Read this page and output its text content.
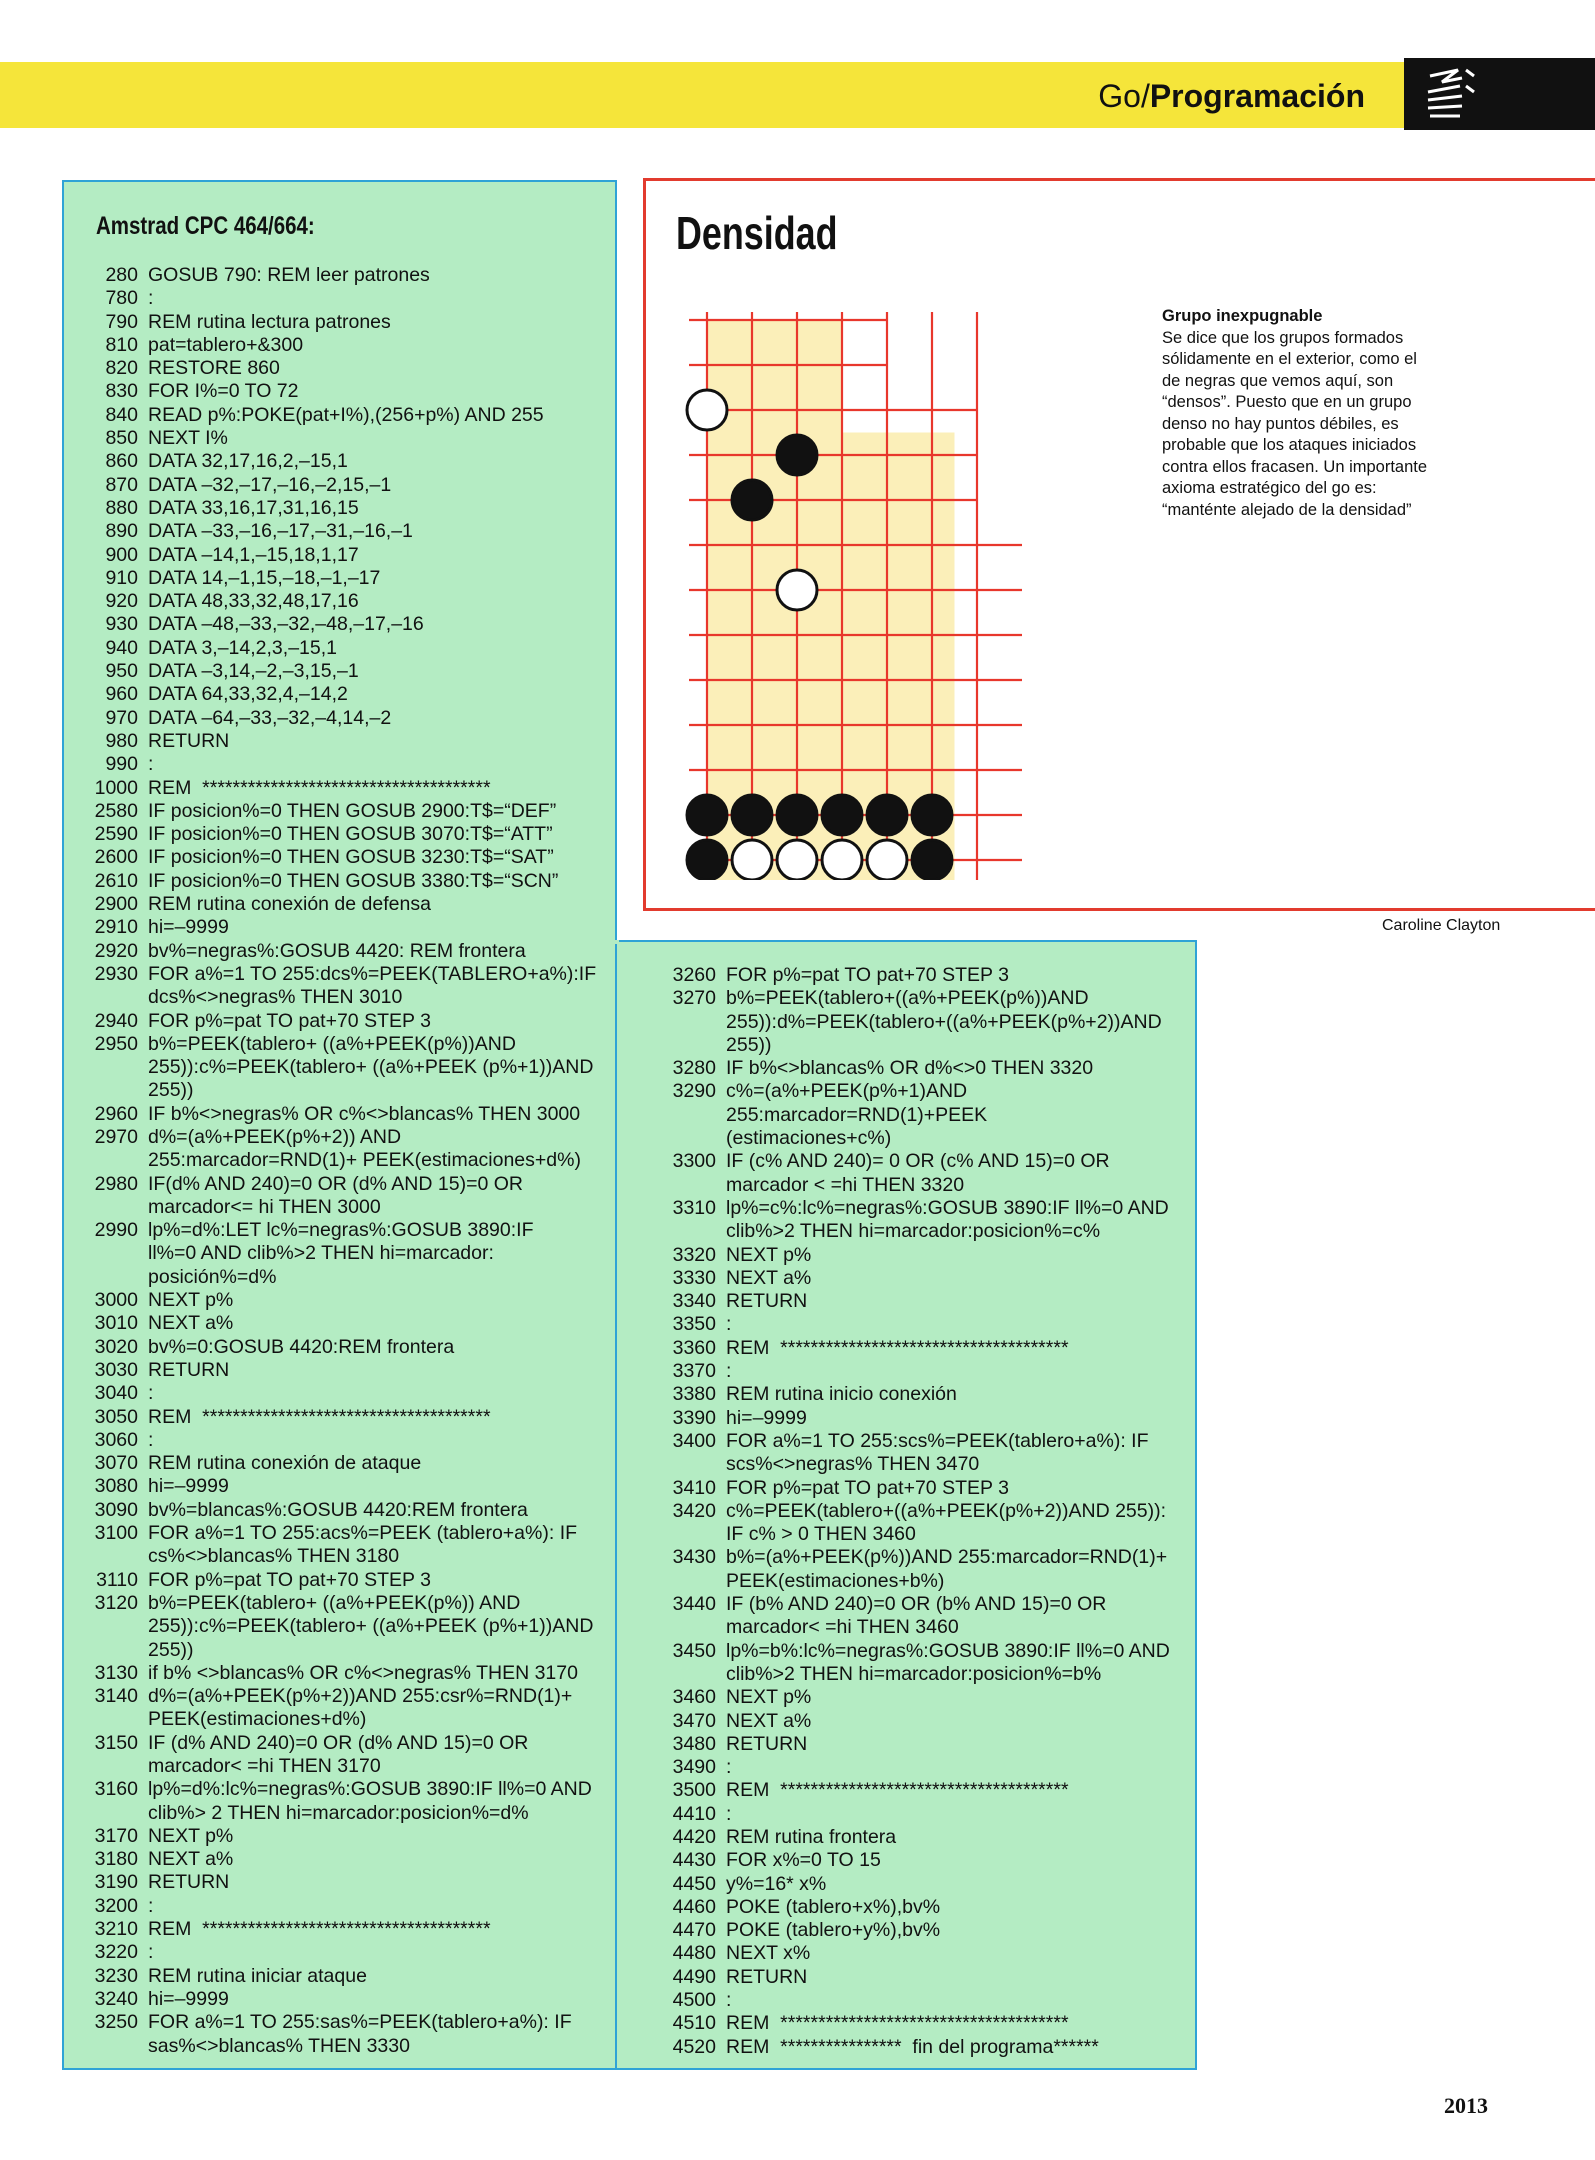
Go/Programación
Amstrad CPC 464/664:
280 GOSUB 790: REM leer patrones
780 :
790 REM rutina lectura patrones
810 pat=tablero+&300
820 RESTORE 860
830 FOR I%=0 TO 72
840 READ p%:POKE(pat+I%),(256+p%) AND 255
850 NEXT I%
860 DATA 32,17,16,2,–15,1
870 DATA –32,–17,–16,–2,15,–1
880 DATA 33,16,17,31,16,15
890 DATA –33,–16,–17,–31,–16,–1
900 DATA –14,1,–15,18,1,17
910 DATA 14,–1,15,–18,–1,–17
920 DATA 48,33,32,48,17,16
930 DATA –48,–33,–32,–48,–17,–16
940 DATA 3,–14,2,3,–15,1
950 DATA –3,14,–2,–3,15,–1
960 DATA 64,33,32,4,–14,2
970 DATA –64,–33,–32,–4,14,–2
980 RETURN
990 :
1000 REM  **************************************
2580 IF posicion%=0 THEN GOSUB 2900:T$=“DEF”
2590 IF posicion%=0 THEN GOSUB 3070:T$=“ATT”
2600 IF posicion%=0 THEN GOSUB 3230:T$=“SAT”
2610 IF posicion%=0 THEN GOSUB 3380:T$=“SCN”
2900 REM rutina conexión de defensa
2910 hi=–9999
2920 bv%=negras%:GOSUB 4420: REM frontera
2930 FOR a%=1 TO 255:dcs%=PEEK(TABLERO+a%):IF
dcs%<>negras% THEN 3010
2940 FOR p%=pat TO pat+70 STEP 3
2950 b%=PEEK(tablero+ ((a%+PEEK(p%))AND
255)):c%=PEEK(tablero+ ((a%+PEEK (p%+1))AND
255))
2960 IF b%<>negras% OR c%<>blancas% THEN 3000
2970 d%=(a%+PEEK(p%+2)) AND
255:marcador=RND(1)+ PEEK(estimaciones+d%)
2980 IF(d% AND 240)=0 OR (d% AND 15)=0 OR
marcador<= hi THEN 3000
2990 lp%=d%:LET lc%=negras%:GOSUB 3890:IF
ll%=0 AND clib%>2 THEN hi=marcador:
posición%=d%
3000 NEXT p%
3010 NEXT a%
3020 bv%=0:GOSUB 4420:REM frontera
3030 RETURN
3040 :
3050 REM  **************************************
3060 :
3070 REM rutina conexión de ataque
3080 hi=–9999
3090 bv%=blancas%:GOSUB 4420:REM frontera
3100 FOR a%=1 TO 255:acs%=PEEK (tablero+a%): IF
cs%<>blancas% THEN 3180
3110 FOR p%=pat TO pat+70 STEP 3
3120 b%=PEEK(tablero+ ((a%+PEEK(p%)) AND
255)):c%=PEEK(tablero+ ((a%+PEEK (p%+1))AND
255))
3130 if b% <>blancas% OR c%<>negras% THEN 3170
3140 d%=(a%+PEEK(p%+2))AND 255:csr%=RND(1)+
PEEK(estimaciones+d%)
3150 IF (d% AND 240)=0 OR (d% AND 15)=0 OR
marcador< =hi THEN 3170
3160 lp%=d%:lc%=negras%:GOSUB 3890:IF ll%=0 AND
clib%> 2 THEN hi=marcador:posicion%=d%
3170 NEXT p%
3180 NEXT a%
3190 RETURN
3200 :
3210 REM  **************************************
3220 :
3230 REM rutina iniciar ataque
3240 hi=–9999
3250 FOR a%=1 TO 255:sas%=PEEK(tablero+a%): IF
sas%<>blancas% THEN 3330
3260 FOR p%=pat TO pat+70 STEP 3
3270 b%=PEEK(tablero+((a%+PEEK(p%))AND
255)):d%=PEEK(tablero+((a%+PEEK(p%+2))AND
255))
3280 IF b%<>blancas% OR d%<>0 THEN 3320
3290 c%=(a%+PEEK(p%+1)AND
255:marcador=RND(1)+PEEK
(estimaciones+c%)
3300 IF (c% AND 240)= 0 OR (c% AND 15)=0 OR
marcador < =hi THEN 3320
3310 lp%=c%:lc%=negras%:GOSUB 3890:IF ll%=0 AND
clib%>2 THEN hi=marcador:posicion%=c%
3320 NEXT p%
3330 NEXT a%
3340 RETURN
3350 :
3360 REM  **************************************
3370 :
3380 REM rutina inicio conexión
3390 hi=–9999
3400 FOR a%=1 TO 255:scs%=PEEK(tablero+a%): IF
scs%<>negras% THEN 3470
3410 FOR p%=pat TO pat+70 STEP 3
3420 c%=PEEK(tablero+((a%+PEEK(p%+2))AND 255)):
IF c% > 0 THEN 3460
3430 b%=(a%+PEEK(p%))AND 255:marcador=RND(1)+
PEEK(estimaciones+b%)
3440 IF (b% AND 240)=0 OR (b% AND 15)=0 OR
marcador< =hi THEN 3460
3450 lp%=b%:lc%=negras%:GOSUB 3890:IF ll%=0 AND
clib%>2 THEN hi=marcador:posicion%=b%
3460 NEXT p%
3470 NEXT a%
3480 RETURN
3490 :
3500 REM  **************************************
4410 :
4420 REM rutina frontera
4430 FOR x%=0 TO 15
4450 y%=16* x%
4460 POKE (tablero+x%),bv%
4470 POKE (tablero+y%),bv%
4480 NEXT x%
4490 RETURN
4500 :
4510 REM  **************************************
4520 REM  ****************  fin del programa******
Densidad
Grupo inexpugnable
Se dice que los grupos formados sólidamente en el exterior, como el de negras que vemos aquí, son “densos”. Puesto que en un grupo denso no hay puntos débiles, es probable que los ataques iniciados contra ellos fracasen. Un importante axioma estratégico del go es: “manténte alejado de la densidad”
Caroline Clayton
2013
